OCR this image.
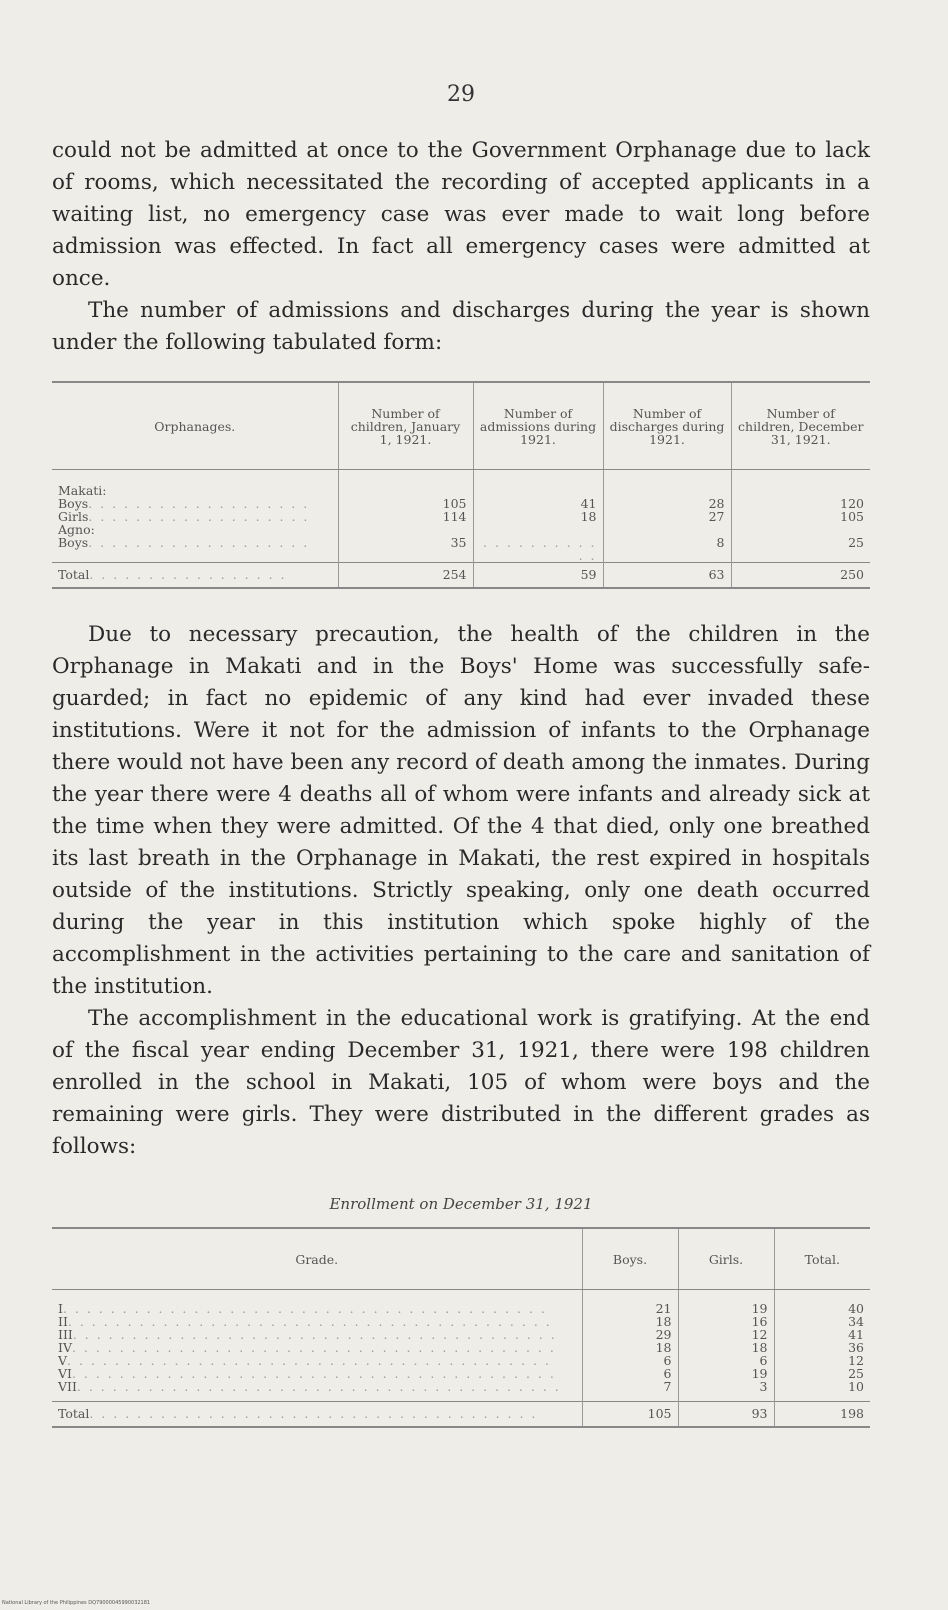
29

could not be admitted at once to the Government Orphanage due to lack of rooms, which necessitated the recording of accepted applicants in a waiting list, no emergency case was ever made to wait long before admission was effected. In fact all emergency cases were admitted at once.

The number of admissions and discharges during the year is shown under the following tabulated form:

Orphanages.	Number of children, January 1, 1921.	Number of admissions during 1921.	Number of discharges during 1921.	Number of children, December 31, 1921.
Makati:				
Boys. . . . . . . . . . . . . . . . . . .	105	41	28	120
Girls. . . . . . . . . . . . . . . . . . .	114	18	27	105
Agno:				
Boys. . . . . . . . . . . . . . . . . . .	35	. . . . . . . . . . . .	8	25
Total. . . . . . . . . . . . . . . . .	254	59	63	250

Due to necessary precaution, the health of the children in the Orphanage in Makati and in the Boys' Home was successfully safe-guarded; in fact no epidemic of any kind had ever invaded these institutions. Were it not for the admission of infants to the Orphanage there would not have been any record of death among the inmates. During the year there were 4 deaths all of whom were infants and already sick at the time when they were admitted. Of the 4 that died, only one breathed its last breath in the Orphanage in Makati, the rest expired in hospitals outside of the institutions. Strictly speaking, only one death occurred during the year in this institution which spoke highly of the accomplishment in the activities pertaining to the care and sanitation of the institution.

The accomplishment in the educational work is gratifying. At the end of the fiscal year ending December 31, 1921, there were 198 children enrolled in the school in Makati, 105 of whom were boys and the remaining were girls. They were distributed in the different grades as follows:

Enrollment on December 31, 1921
Grade.	Boys.	Girls.	Total.
I. . . . . . . . . . . . . . . . . . . . . . . . . . . . . . . . . . . . . . . . .	21	19	40
II. . . . . . . . . . . . . . . . . . . . . . . . . . . . . . . . . . . . . . . . .	18	16	34
III. . . . . . . . . . . . . . . . . . . . . . . . . . . . . . . . . . . . . . . . .	29	12	41
IV. . . . . . . . . . . . . . . . . . . . . . . . . . . . . . . . . . . . . . . . .	18	18	36
V. . . . . . . . . . . . . . . . . . . . . . . . . . . . . . . . . . . . . . . . .	6	6	12
VI. . . . . . . . . . . . . . . . . . . . . . . . . . . . . . . . . . . . . . . . .	6	19	25
VII. . . . . . . . . . . . . . . . . . . . . . . . . . . . . . . . . . . . . . . . .	7	3	10
Total. . . . . . . . . . . . . . . . . . . . . . . . . . . . . . . . . . . . . .	105	93	198
National Library of the Philippines DQ79000045990032181
